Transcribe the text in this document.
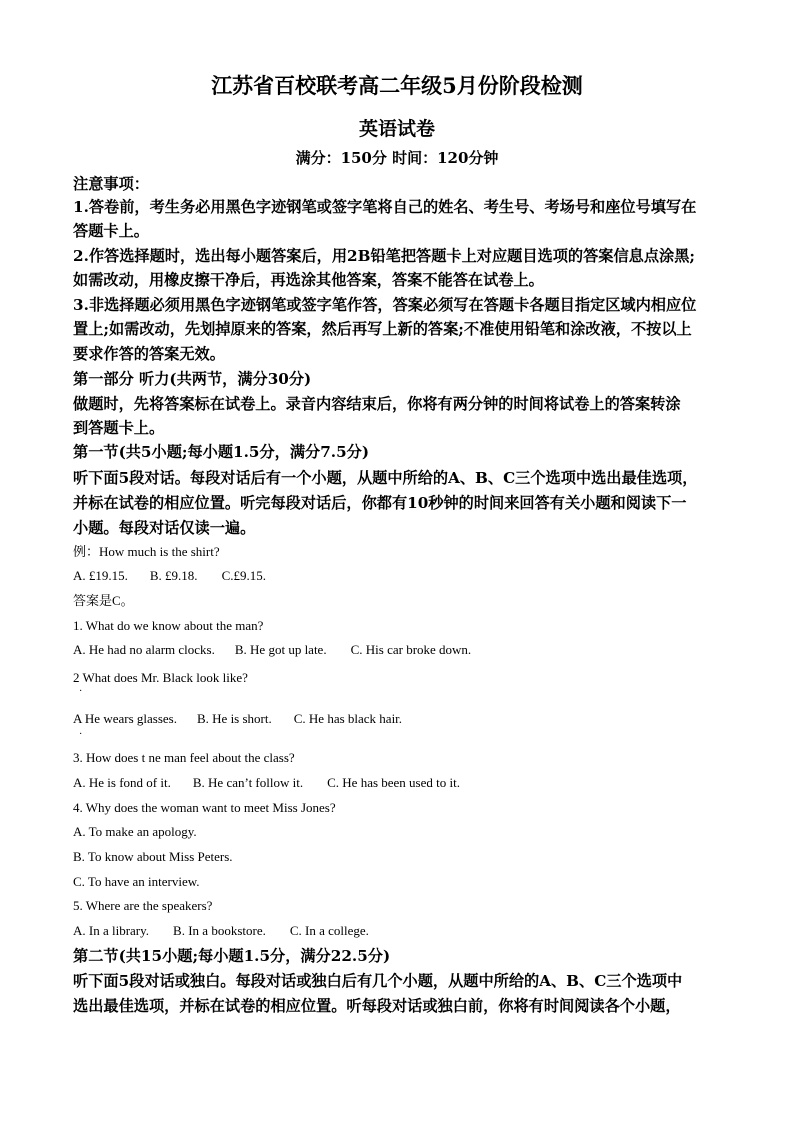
江苏省百校联考高二年级5月份阶段检测
英语试卷
满分：150分 时间：120分钟
注意事项：
1.答卷前，考生务必用黑色字迹钢笔或签字笔将自己的姓名、考生号、考场号和座位号填写在
答题卡上。
2.作答选择题时，选出每小题答案后，用2B铅笔把答题卡上对应题目选项的答案信息点涂黑;
如需改动，用橡皮擦干净后，再选涂其他答案，答案不能答在试卷上。
3.非选择题必须用黑色字迹钢笔或签字笔作答，答案必须写在答题卡各题目指定区域内相应位
置上;如需改动，先划掉原来的答案，然后再写上新的答案;不准使用铅笔和涂改液，不按以上
要求作答的答案无效。
第一部分 听力(共两节，满分30分)
做题时，先将答案标在试卷上。录音内容结束后，你将有两分钟的时间将试卷上的答案转涂
到答题卡上。
第一节(共5小题;每小题1.5分，满分7.5分)
听下面5段对话。每段对话后有一个小题，从题中所给的A、B、C三个选项中选出最佳选项，
并标在试卷的相应位置。听完每段对话后，你都有10秒钟的时间来回答有关小题和阅读下一
小题。每段对话仅读一遍。
例：How much is the shirt?
A. £19.15. B. £9.18. C.£9.15.
答案是C。
1. What do we know about the man?
A. He had no alarm clocks. B. He got up late. C. His car broke down.
2 What does Mr. Black look like?
·
A He wears glasses. B. He is short. C. He has black hair.
·
3. How does t ne man feel about the class?
A. He is fond of it. B. He can’t follow it. C. He has been used to it.
4. Why does the woman want to meet Miss Jones?
A. To make an apology.
B. To know about Miss Peters.
C. To have an interview.
5. Where are the speakers?
A. In a library. B. In a bookstore. C. In a college.
第二节(共15小题;每小题1.5分，满分22.5分)
听下面5段对话或独白。每段对话或独白后有几个小题，从题中所给的A、B、C三个选项中
选出最佳选项，并标在试卷的相应位置。听每段对话或独白前，你将有时间阅读各个小题，
